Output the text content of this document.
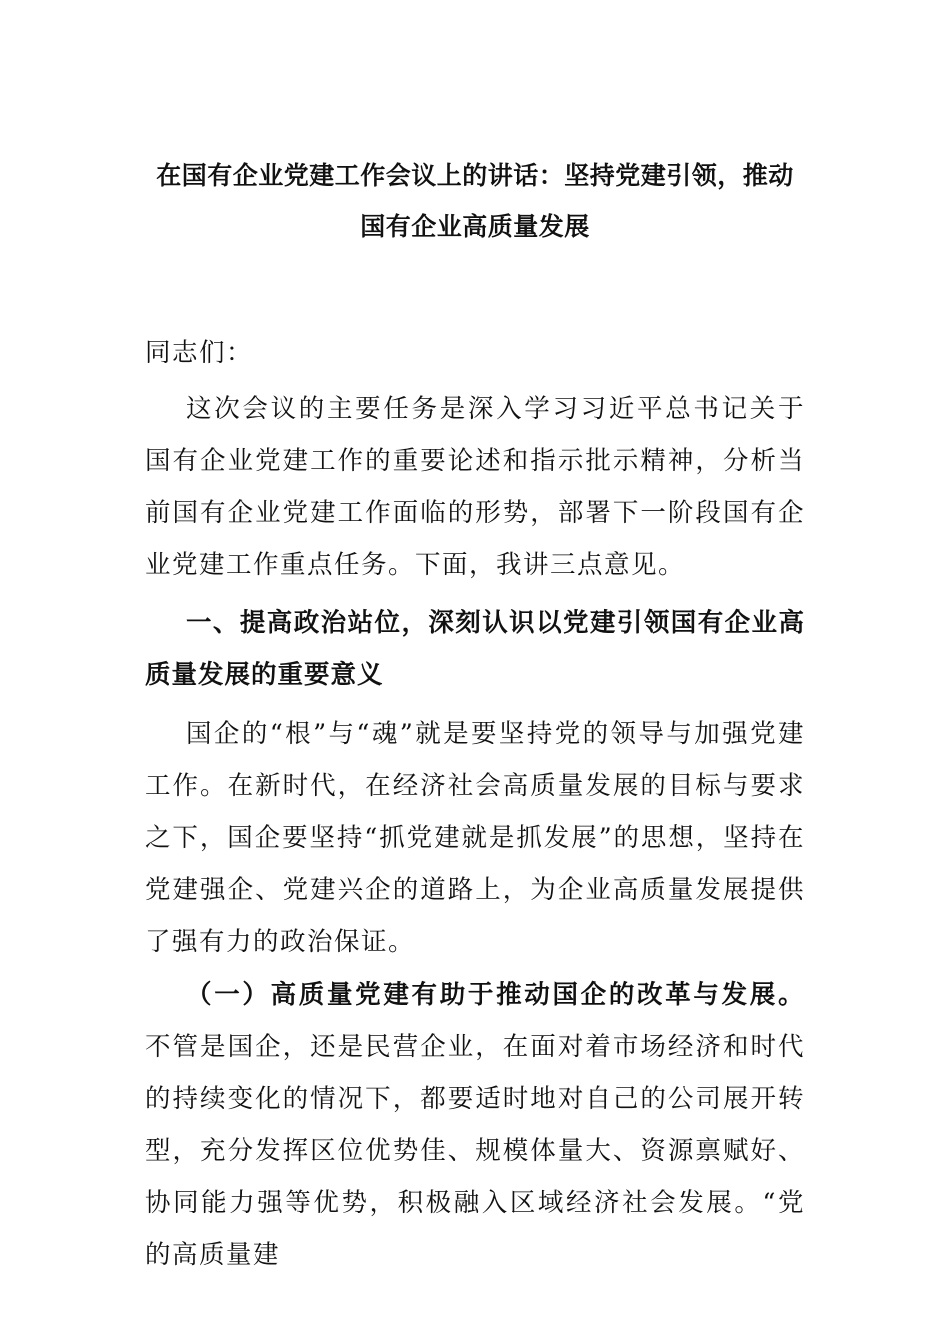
在国有企业党建工作会议上的讲话：坚持党建引领，推动
国有企业高质量发展
同志们：
这次会议的主要任务是深入学习习近平总书记关于国有企业党建工作的重要论述和指示批示精神，分析当前国有企业党建工作面临的形势，部署下一阶段国有企业党建工作重点任务。下面，我讲三点意见。
一、提高政治站位，深刻认识以党建引领国有企业高质量发展的重要意义
国企的“根”与“魂”就是要坚持党的领导与加强党建工作。在新时代，在经济社会高质量发展的目标与要求之下，国企要坚持“抓党建就是抓发展”的思想，坚持在党建强企、党建兴企的道路上，为企业高质量发展提供了强有力的政治保证。
（一）高质量党建有助于推动国企的改革与发展。不管是国企，还是民营企业，在面对着市场经济和时代的持续变化的情况下，都要适时地对自己的公司展开转型，充分发挥区位优势佳、规模体量大、资源禀赋好、协同能力强等优势，积极融入区域经济社会发展。“党的高质量建
